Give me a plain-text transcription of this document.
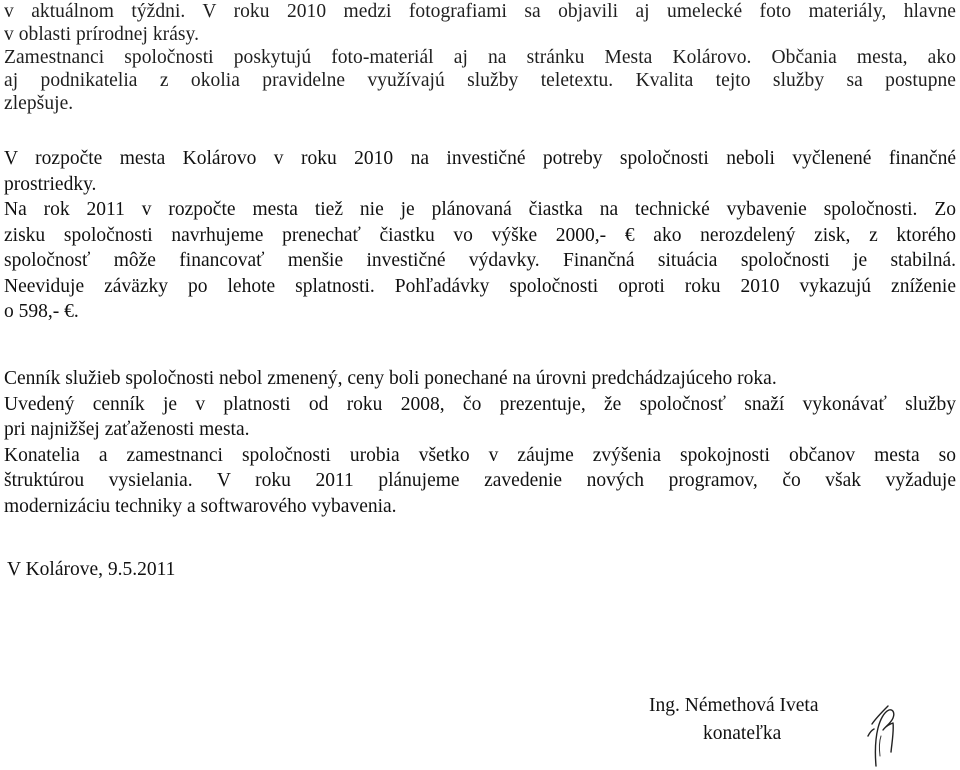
v aktuálnom týždni. V roku 2010 medzi fotografiami sa objavili aj umelecké foto materiály, hlavne
v oblasti prírodnej krásy.
Zamestnanci spoločnosti poskytujú foto-materiál aj na stránku Mesta Kolárovo. Občania mesta, ako
aj podnikatelia z okolia pravidelne využívajú služby teletextu. Kvalita tejto služby sa postupne
zlepšuje.
V rozpočte mesta Kolárovo v roku 2010 na investičné potreby spoločnosti neboli vyčlenené finančné
prostriedky.
Na rok 2011 v rozpočte mesta tiež nie je plánovaná čiastka na technické vybavenie spoločnosti. Zo
zisku spoločnosti navrhujeme prenechať čiastku vo výške 2000,- € ako nerozdelený zisk, z ktorého
spoločnosť môže financovať menšie investičné výdavky. Finančná situácia spoločnosti je stabilná.
Neeviduje záväzky po lehote splatnosti. Pohľadávky spoločnosti oproti roku 2010 vykazujú zníženie
o 598,- €.
Cenník služieb spoločnosti nebol zmenený, ceny boli ponechané na úrovni predchádzajúceho roka.
Uvedený cenník je v platnosti od roku 2008, čo prezentuje, že spoločnosť snaží vykonávať služby
pri najnižšej zaťaženosti mesta.
Konatelia a zamestnanci spoločnosti urobia všetko v záujme zvýšenia spokojnosti občanov mesta so
štruktúrou vysielania. V roku 2011 plánujeme zavedenie nových programov, čo však vyžaduje
modernizáciu techniky a softwarového vybavenia.
V Kolárove, 9.5.2011
Ing. Némethová Iveta
konateľka
